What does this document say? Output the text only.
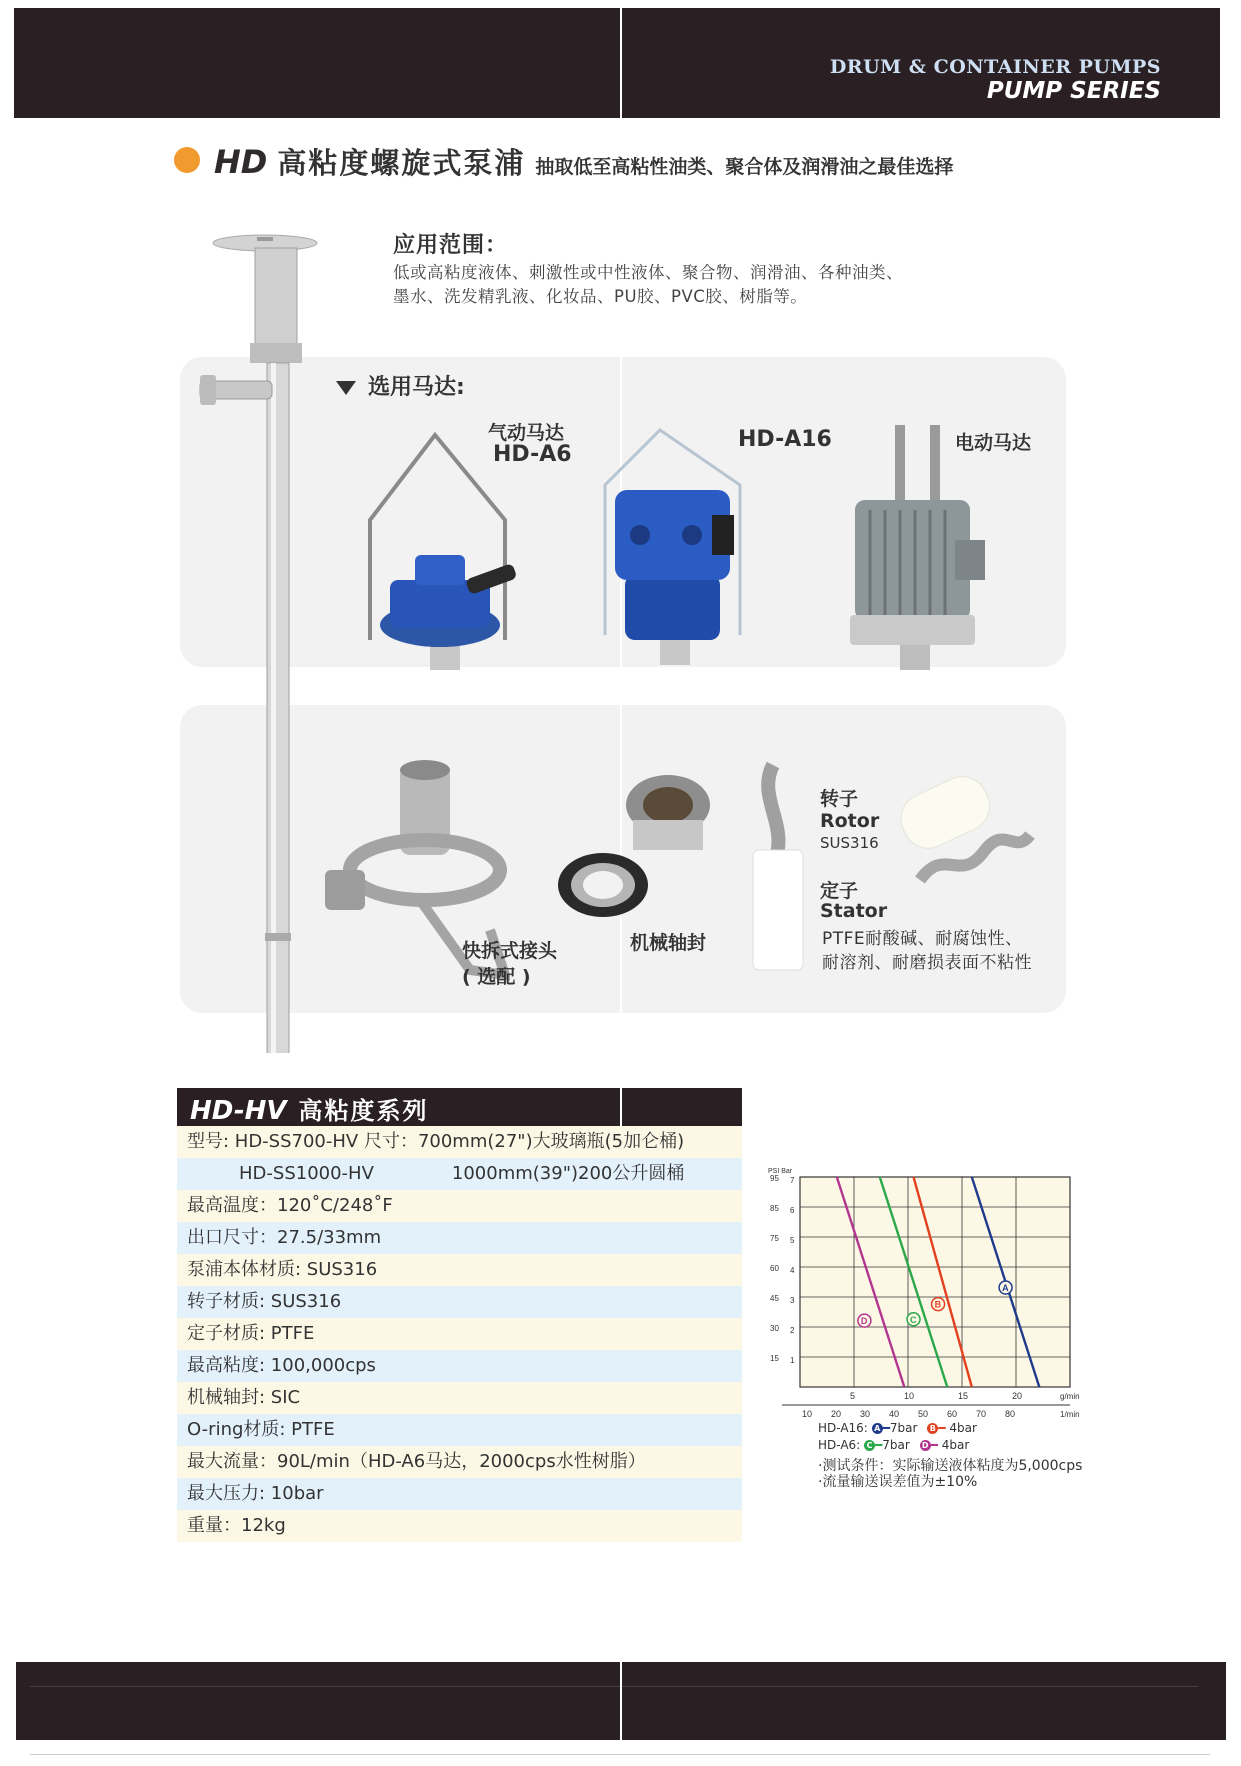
DRUM & CONTAINER PUMPS
PUMP SERIES
HD 高粘度螺旋式泵浦 抽取低至高粘性油类、聚合体及润滑油之最佳选择
应用范围：
低或高粘度液体、刺激性或中性液体、聚合物、润滑油、各种油类、
墨水、洗发精乳液、化妆品、PU胶、PVC胶、树脂等。
选用马达:
气动马达
HD-A6
HD-A16	电动马达
快拆式接头
( 选配 )
机械轴封
转子
Rotor
SUS316
定子
Stator
PTFE耐酸碱、耐腐蚀性、
耐溶剂、耐磨损表面不粘性
HD-HV 高粘度系列
型号: HD-SS700-HV 尺寸：700mm(27")大玻璃瓶(5加仑桶)
HD-SS1000-HV	1000mm(39")200公升圆桶
最高温度：120˚C/248˚F
出口尺寸：27.5/33mm
泵浦本体材质: SUS316
转子材质: SUS316
定子材质: PTFE
最高粘度: 100,000cps
机械轴封: SIC
O-ring材质: PTFE
最大流量：90L/min（HD-A6马达，2000cps水性树脂）
最大压力: 10bar
重量：12kg
PSI Bar
7
95
6
85
5
75
4
60
3
45
2
30
1
15
5	10	15	20	g/min
10 20 30 40 50 60 70 80	1/min
A
B
C
D
HD-A16: A ━7bar B ━ 4bar
HD-A6: C ━7bar D ━ 4bar
·测试条件：实际输送液体粘度为5,000cps
·流量输送误差值为±10%
